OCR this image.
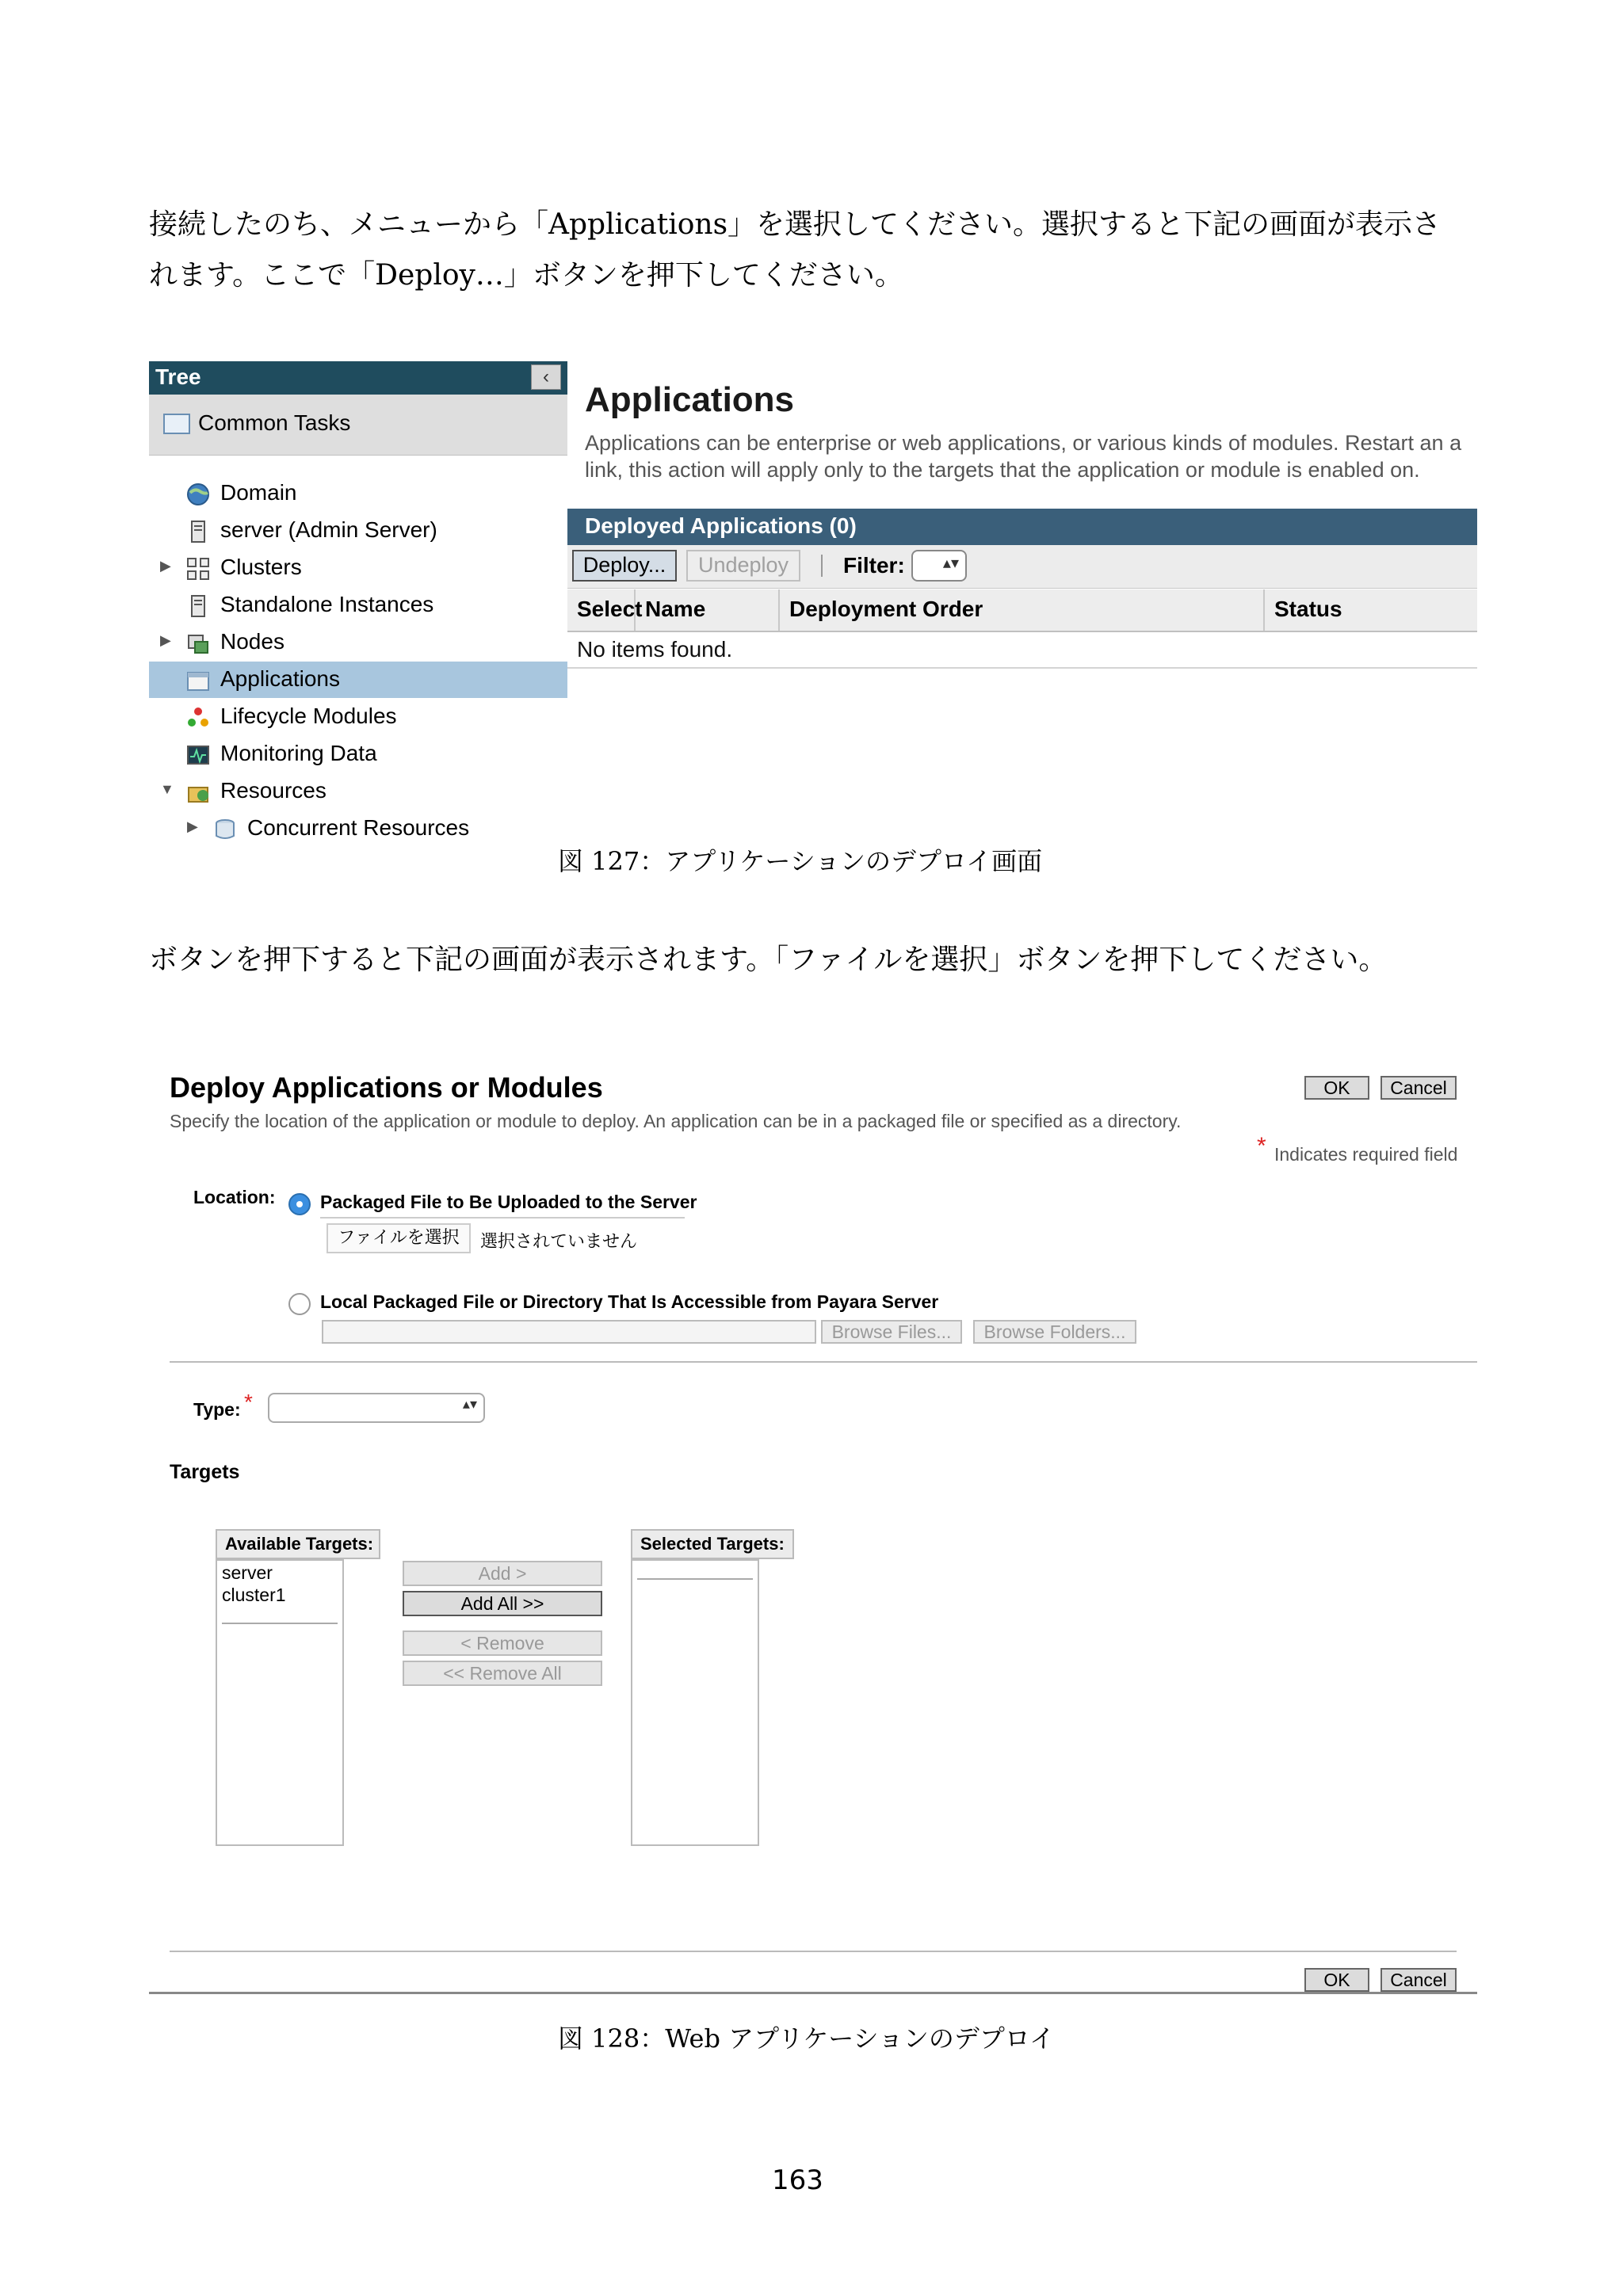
接続したのち、メニューから「Applications」を選択してください。選択すると下記の画面が表示さ
れます。ここで「Deploy…」ボタンを押下してください。
Tree	‹
Common Tasks
Domain
server (Admin Server)
▶ Clusters
Standalone Instances
▶ Nodes
Applications
Lifecycle Modules
Monitoring Data
▼ Resources
▶ Concurrent Resources
Applications
Applications can be enterprise or web applications, or various kinds of modules. Restart an a
link, this action will apply only to the targets that the application or module is enabled on.
Deployed Applications (0)
Deploy...	Undeploy	Filter: ▴▾
Select Name	Deployment Order	Status
No items found.
図 127：アプリケーションのデプロイ画面
ボタンを押下すると下記の画面が表示されます。「ファイルを選択」ボタンを押下してください。
Deploy Applications or Modules
Specify the location of the application or module to deploy. An application can be in a packaged file or specified as a directory.
OK	Cancel
* Indicates required field
Location: Packaged File to Be Uploaded to the Server
ファイルを選択	選択されていません
Local Packaged File or Directory That Is Accessible from Payara Server
Browse Files...	Browse Folders...
Type: *	▴▾
Targets
Available Targets:
server
cluster1
Add >
Add All >>
< Remove
<< Remove All
Selected Targets:
OK	Cancel
図 128：Web アプリケーションのデプロイ
163
